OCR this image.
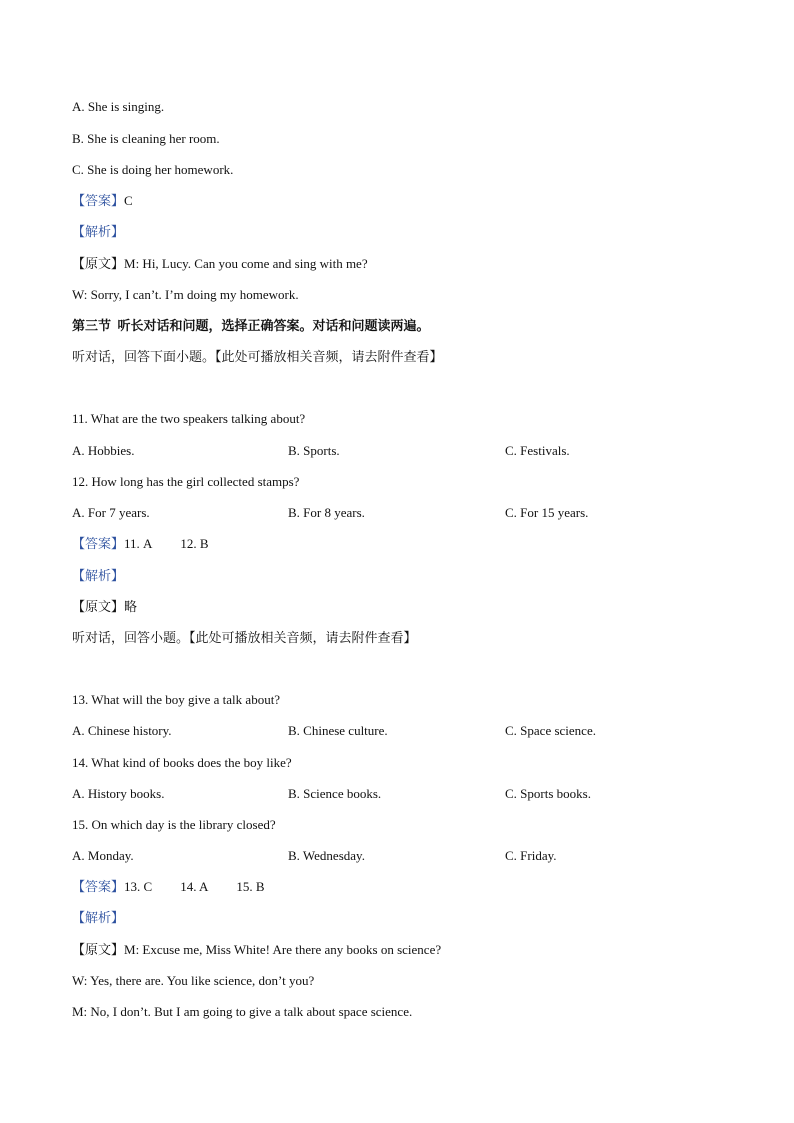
A. She is singing.
B. She is cleaning her room.
C. She is doing her homework.
【答案】C
【解析】
【原文】M: Hi, Lucy. Can you come and sing with me?
W: Sorry, I can’t. I’m doing my homework.
第三节  听长对话和问题，选择正确答案。对话和问题读两遍。
听对话，回答下面小题。【此处可播放相关音频，请去附件查看】
11. What are the two speakers talking about?
A. Hobbies.	B. Sports.	C. Festivals.
12. How long has the girl collected stamps?
A. For 7 years.	B. For 8 years.	C. For 15 years.
【答案】11. A 12. B
【解析】
【原文】略
听对话，回答小题。【此处可播放相关音频，请去附件查看】
13. What will the boy give a talk about?
A. Chinese history.	B. Chinese culture.	C. Space science.
14. What kind of books does the boy like?
A. History books.	B. Science books.	C. Sports books.
15. On which day is the library closed?
A. Monday.	B. Wednesday.	C. Friday.
【答案】13. C 14. A 15. B
【解析】
【原文】M: Excuse me, Miss White! Are there any books on science?
W: Yes, there are. You like science, don’t you?
M: No, I don’t. But I am going to give a talk about space science.
